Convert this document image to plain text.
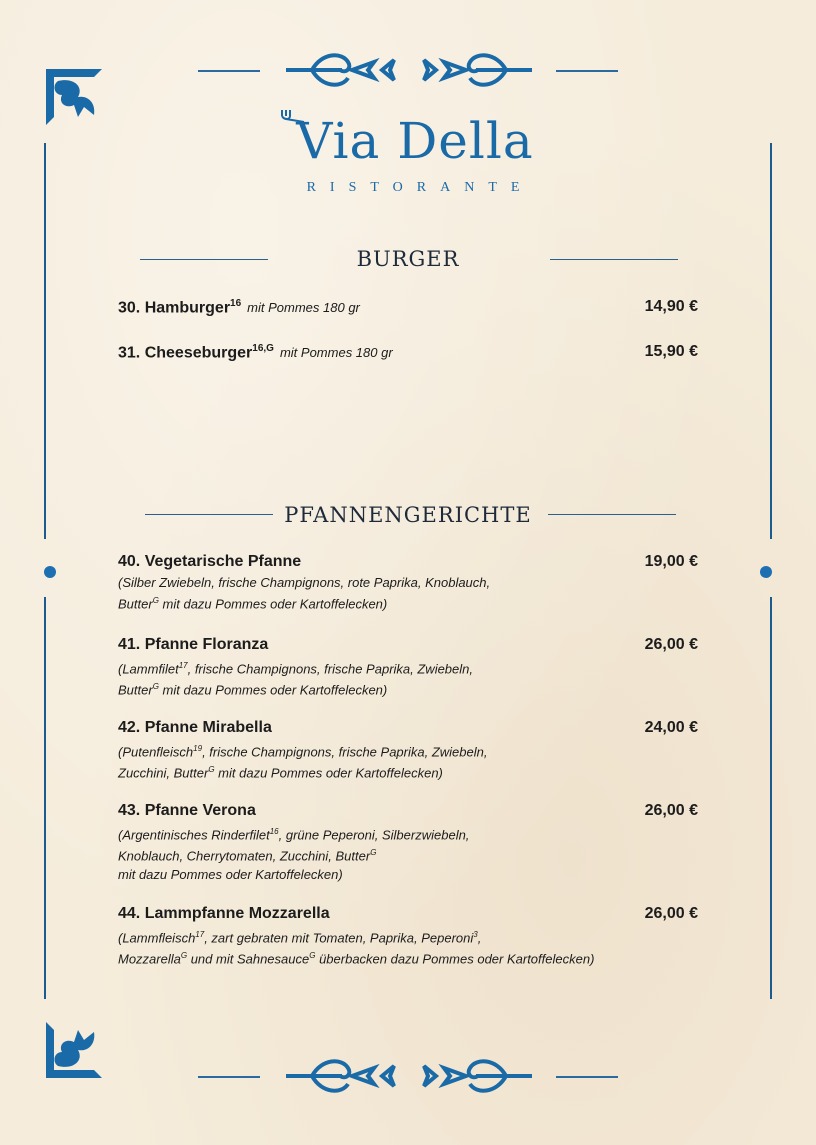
Via Della
RISTORANTE
BURGER
30. Hamburger$^{16}$ mit Pommes 180 gr	14,90 €
31. Cheeseburger$^{16,G}$ mit Pommes 180 gr	15,90 €
PFANNENGERICHTE
40. Vegetarische Pfanne	19,00 €
(Silber Zwiebeln, frische Champignons, rote Paprika, Knoblauch,
Butter$^G$ mit dazu Pommes oder Kartoffelecken)
41. Pfanne Floranza	26,00 €
(Lammfilet$^{17}$, frische Champignons, frische Paprika, Zwiebeln,
Butter$^G$ mit dazu Pommes oder Kartoffelecken)
42. Pfanne Mirabella	24,00 €
(Putenfleisch$^{19}$, frische Champignons, frische Paprika, Zwiebeln,
Zucchini, Butter$^G$ mit dazu Pommes oder Kartoffelecken)
43. Pfanne Verona	26,00 €
(Argentinisches Rinderfilet$^{16}$, grüne Peperoni, Silberzwiebeln,
Knoblauch, Cherrytomaten, Zucchini, Butter$^G$
mit dazu Pommes oder Kartoffelecken)
44. Lammpfanne Mozzarella	26,00 €
(Lammfleisch$^{17}$, zart gebraten mit Tomaten, Paprika, Peperoni$^3$,
Mozzarella$^G$ und mit Sahnesauce$^G$ überbacken dazu Pommes oder Kartoffelecken)
